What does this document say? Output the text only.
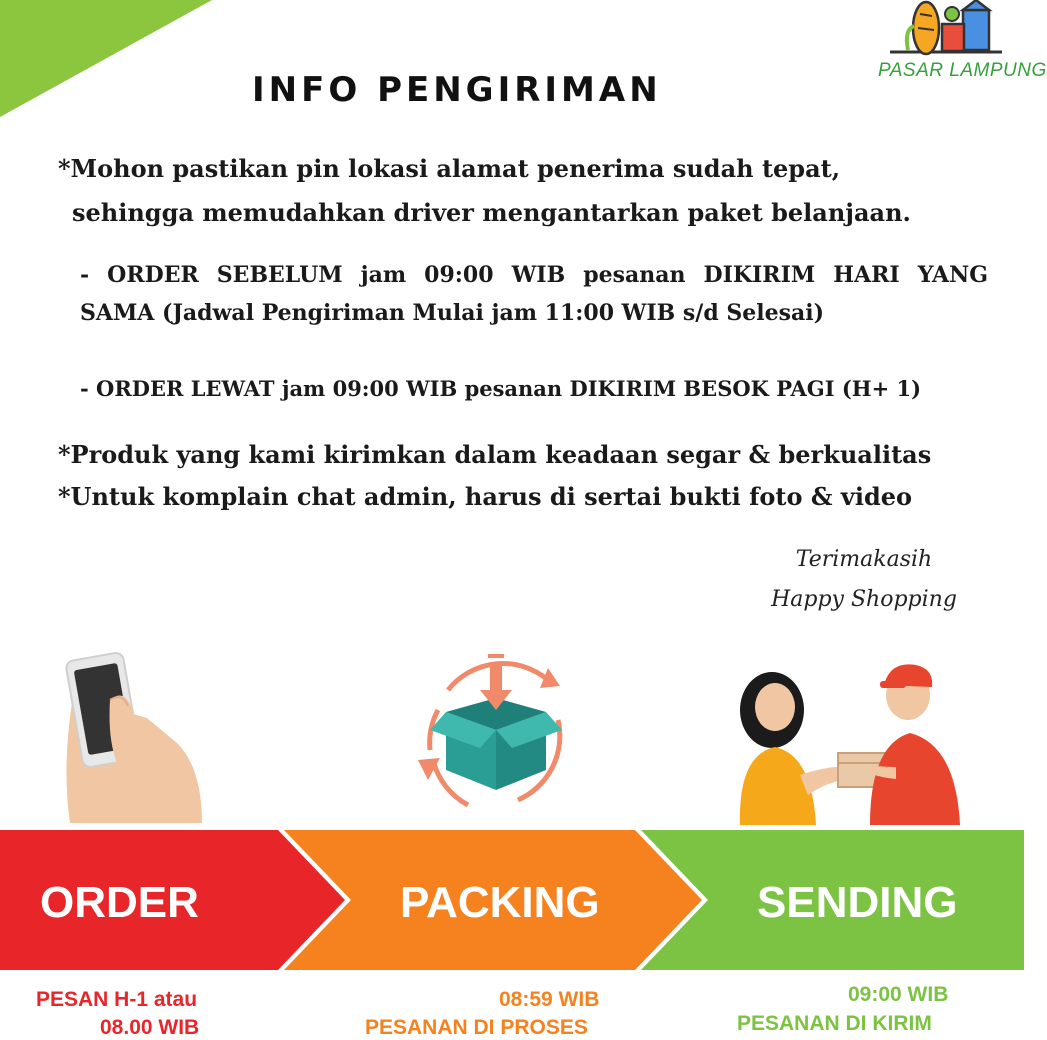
PASAR LAMPUNG
INFO PENGIRIMAN
*Mohon pastikan pin lokasi alamat penerima sudah tepat,
sehingga memudahkan driver mengantarkan paket belanjaan.
- ORDER SEBELUM jam 09:00 WIB pesanan DIKIRIM HARI YANG
SAMA (Jadwal Pengiriman Mulai jam 11:00 WIB s/d Selesai)
- ORDER LEWAT jam 09:00 WIB pesanan DIKIRIM BESOK PAGI (H+ 1)
*Produk yang kami kirimkan dalam keadaan segar & berkualitas
*Untuk komplain chat admin, harus di sertai bukti foto & video
Terimakasih
Happy Shopping
ORDER	PACKING	SENDING
PESAN H-1 atau
08.00 WIB
08:59 WIB
PESANAN DI PROSES
09:00 WIB
PESANAN DI KIRIM
